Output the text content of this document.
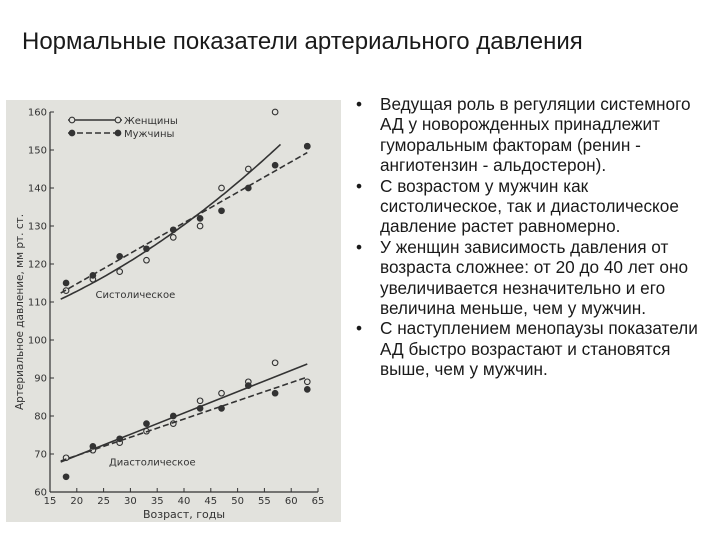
Нормальные показатели артериального давления
15 20 25 30 35 40 45 50 55 60 65
60
70
80
90
100
110
120
130
140
150
160
Возраст, годы
Артериальное давление, мм рт. ст.
Женщины
Мужчины
Систолическое
Диастолическое
• Ведущая роль в регуляции системного АД у новорожденных принадлежит гуморальным факторам (ренин - ангиотензин - альдостерон).
• С возрастом у мужчин как систолическое, так и диастолическое давление растет равномерно.
• У женщин зависимость давления от возраста сложнее: от 20 до 40 лет оно увеличивается незначительно и его величина меньше, чем у мужчин.
• С наступлением менопаузы показатели АД быстро возрастают и становятся выше, чем у мужчин.
